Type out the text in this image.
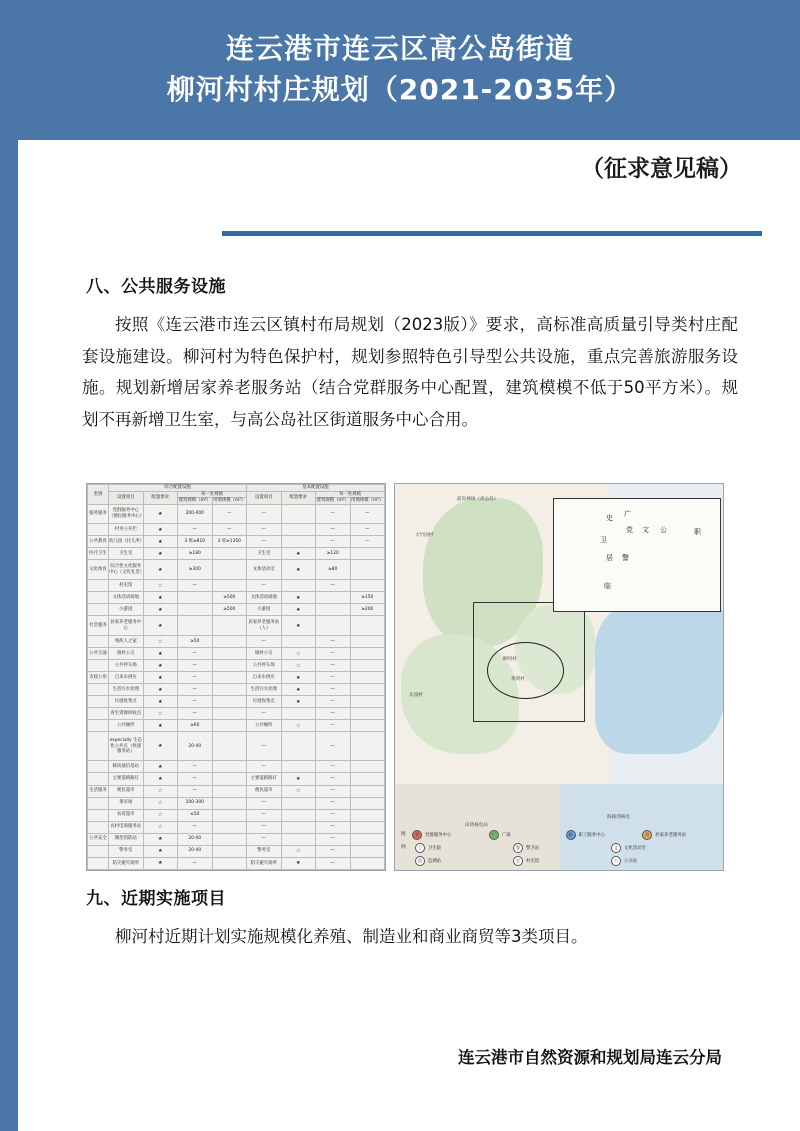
连云港市连云区高公岛街道
柳河村村庄规划（2021-2035年）
（征求意见稿）
八、公共服务设施

按照《连云港市连云区镇村布局规划（2023版）》要求，高标准高质量引导类村庄配套设施建设。柳河村为特色保护村，规划参照特色引导型公共设施，重点完善旅游服务设施。规划新增居家养老服务站（结合党群服务中心配置，建筑模模不低于50平方米）。规划不再新增卫生室，与高公岛社区街道服务中心合用。

类别	综合配置设施				基本配置设施			
	设置项目	配置要求	每一处规模		设置项目	配置要求	每一处规模	
			建筑规模（m²）	用地规模（m²）			建筑规模（m²）	用地规模（m²）
服务服务	党群服务中心（便民服务中心）	★	200-400	—	—		—	—
	村务公开栏	★	—	—	—		—	—
公共教育	幼儿园（托儿所）	★	3 班≥810	3 班≥1350	—		—	—
医疗卫生	卫生室	★	≥180		卫生室	★	≥120	
文化体育	综合性文化服务中心（文化礼堂）	★	≥300		文体活动室	★	≥80	
	村史馆	☆	—		—		—	
	文体活动场地	★		≥500	文体活动场地	★		≥150
	小游园	★		≥500	小游园	★		≥200
社会服务	居家养老服务中心	★			居家养老服务站（人）	★		
	残疾人之家	☆	≥50		—		—	
公共交通	镇村公交	★	—		镇村公交	☆	—	
	公共停车场	★	—		公共停车场	☆	—	
市政公用	自来水供应	★	—		自来水供应	★	—	
	生活污水处理	★	—		生活污水处理	★	—	
	垃圾收集点	★	—		垃圾收集点	★	—	
	再生资源回收点	☆	—		—		—	
	公共厕所	★	≥60		公共厕所	☆	—	
	especially 生态化公共点（快递服务站）	★	20-40		—		—	
	移动通信基站	★	—		—		—	
	主要道路路灯	★	—		主要道路路灯	★	—	
生活服务	便民超市	☆	—		便民超市	☆	—	
	菜市场	☆	100-300		—		—	
	农贸超市	☆	≤50		—		—	
	农村电商服务站	☆	—		—		—	
公共安全	微型消防站	★	20-40		—		—	
	警务室	★	20-40		警务室	☆	—	
	防灾避灾场所	★	—		防灾避灾场所	★	—	
史 广
党 文 公
卫
居 警
职
临
前岛林场（高公岛）
大竹园村
柳河村
黄窝村
东园村
田湾核电站
海陵湾核电
图	党	党群服务中心	广	广场	职	职工服务中心	居	居家养老服务站
例	卫	卫生院	警	警卫站	文	文化活动室
监	监测站	史	村史馆	公	公交站
九、近期实施项目

柳河村近期计划实施规模化养殖、制造业和商业商贸等3类项目。

连云港市自然资源和规划局连云分局
